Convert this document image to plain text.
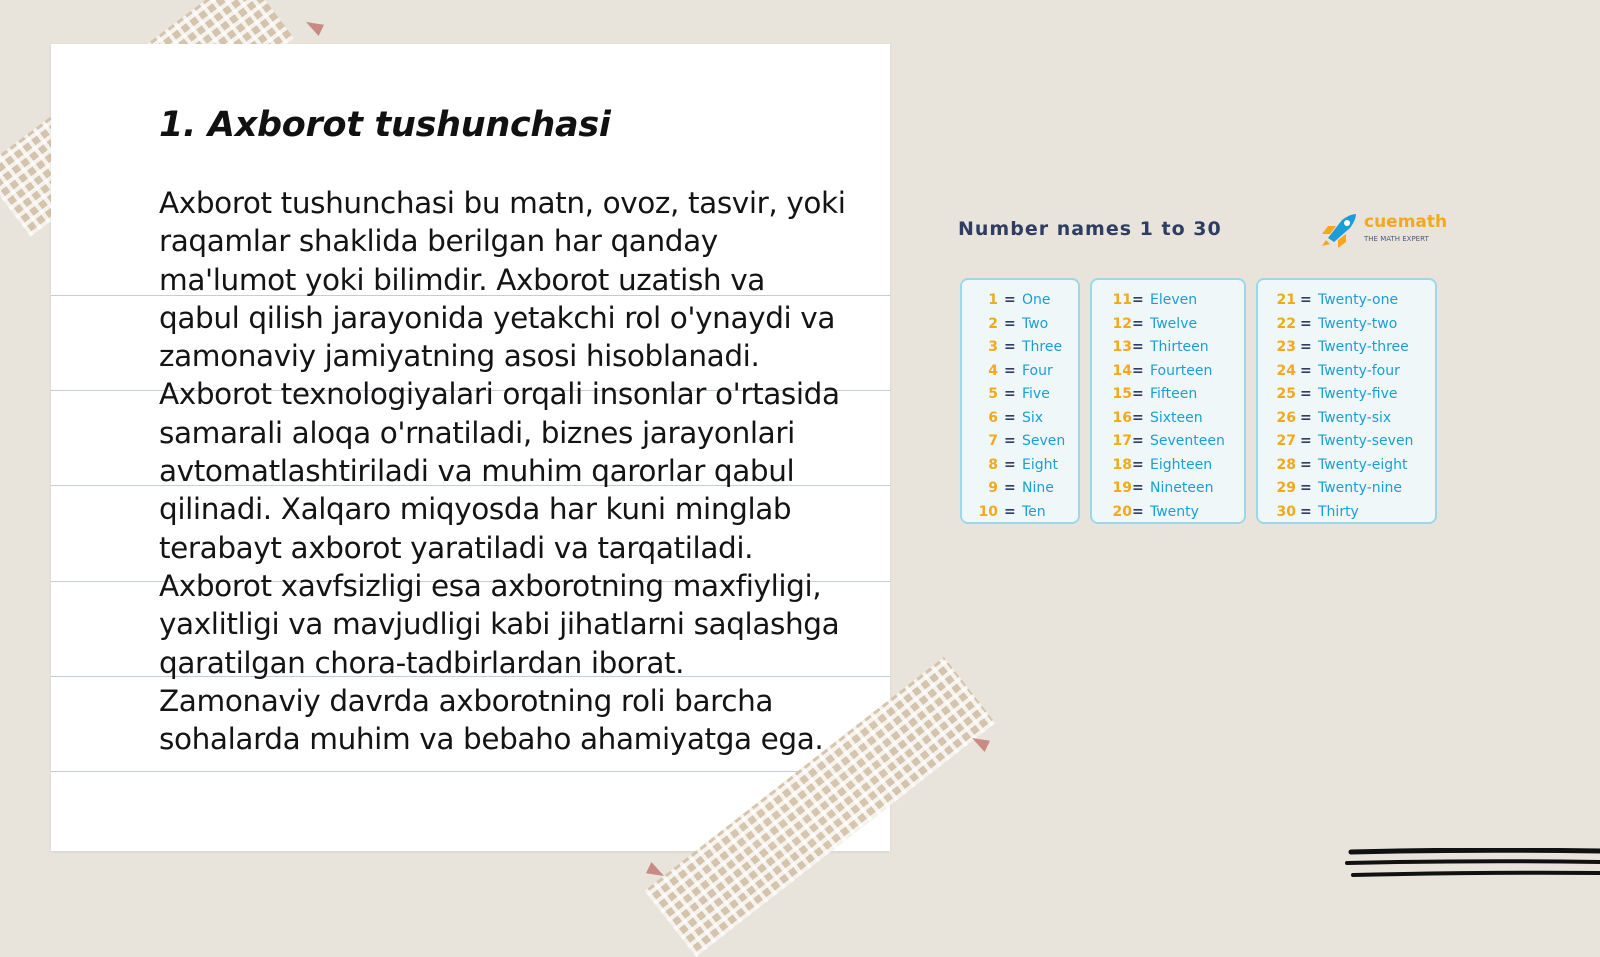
1. Axborot tushunchasi

Axborot tushunchasi bu matn, ovoz, tasvir, yoki raqamlar shaklida berilgan har qanday ma'lumot yoki bilimdir. Axborot uzatish va qabul qilish jarayonida yetakchi rol o'ynaydi va zamonaviy jamiyatning asosi hisoblanadi. Axborot texnologiyalari orqali insonlar o'rtasida samarali aloqa o'rnatiladi, biznes jarayonlari avtomatlashtiriladi va muhim qarorlar qabul qilinadi. Xalqaro miqyosda har kuni minglab terabayt axborot yaratiladi va tarqatiladi. Axborot xavfsizligi esa axborotning maxfiyligi, yaxlitligi va mavjudligi kabi jihatlarni saqlashga qaratilgan chora-tadbirlardan iborat. Zamonaviy davrda axborotning roli barcha sohalarda muhim va bebaho ahamiyatga ega.

Number names 1 to 30	cuemath
THE MATH EXPERT
1 = One
2 = Two
3 = Three
4 = Four
5 = Five
6 = Six
7 = Seven
8 = Eight
9 = Nine
10 = Ten
11 = Eleven
12 = Twelve
13 = Thirteen
14 = Fourteen
15 = Fifteen
16 = Sixteen
17 = Seventeen
18 = Eighteen
19 = Nineteen
20 = Twenty
21 = Twenty-one
22 = Twenty-two
23 = Twenty-three
24 = Twenty-four
25 = Twenty-five
26 = Twenty-six
27 = Twenty-seven
28 = Twenty-eight
29 = Twenty-nine
30 = Thirty
